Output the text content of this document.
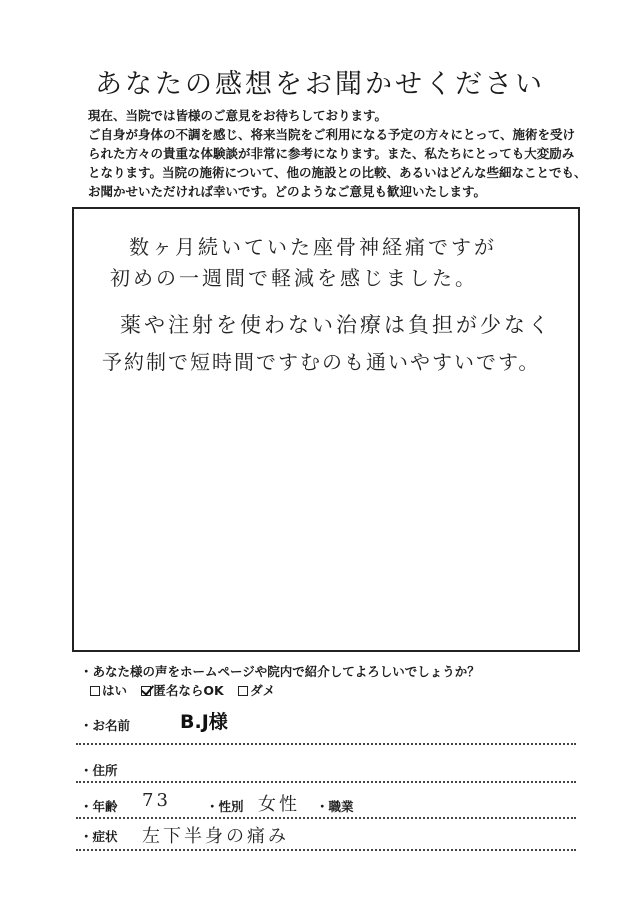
あなたの感想をお聞かせください
現在、当院では皆様のご意見をお待ちしております。
ご自身が身体の不調を感じ、将来当院をご利用になる予定の方々にとって、施術を受け
られた方々の貴重な体験談が非常に参考になります。また、私たちにとっても大変励み
となります。当院の施術について、他の施設との比較、あるいはどんな些細なことでも、
お聞かせいただければ幸いです。どのようなご意見も歓迎いたします。
数ヶ月続いていた座骨神経痛ですが
初めの一週間で軽減を感じました。
薬や注射を使わない治療は負担が少なく
予約制で短時間ですむのも通いやすいです。
・あなた様の声をホームページや院内で紹介してよろしいでしょうか？
はい 匿名ならOK ダメ
・お名前	B.J様
・住所
・年齢 73	・性別 女性 ・職業
・症状 左下半身の痛み
